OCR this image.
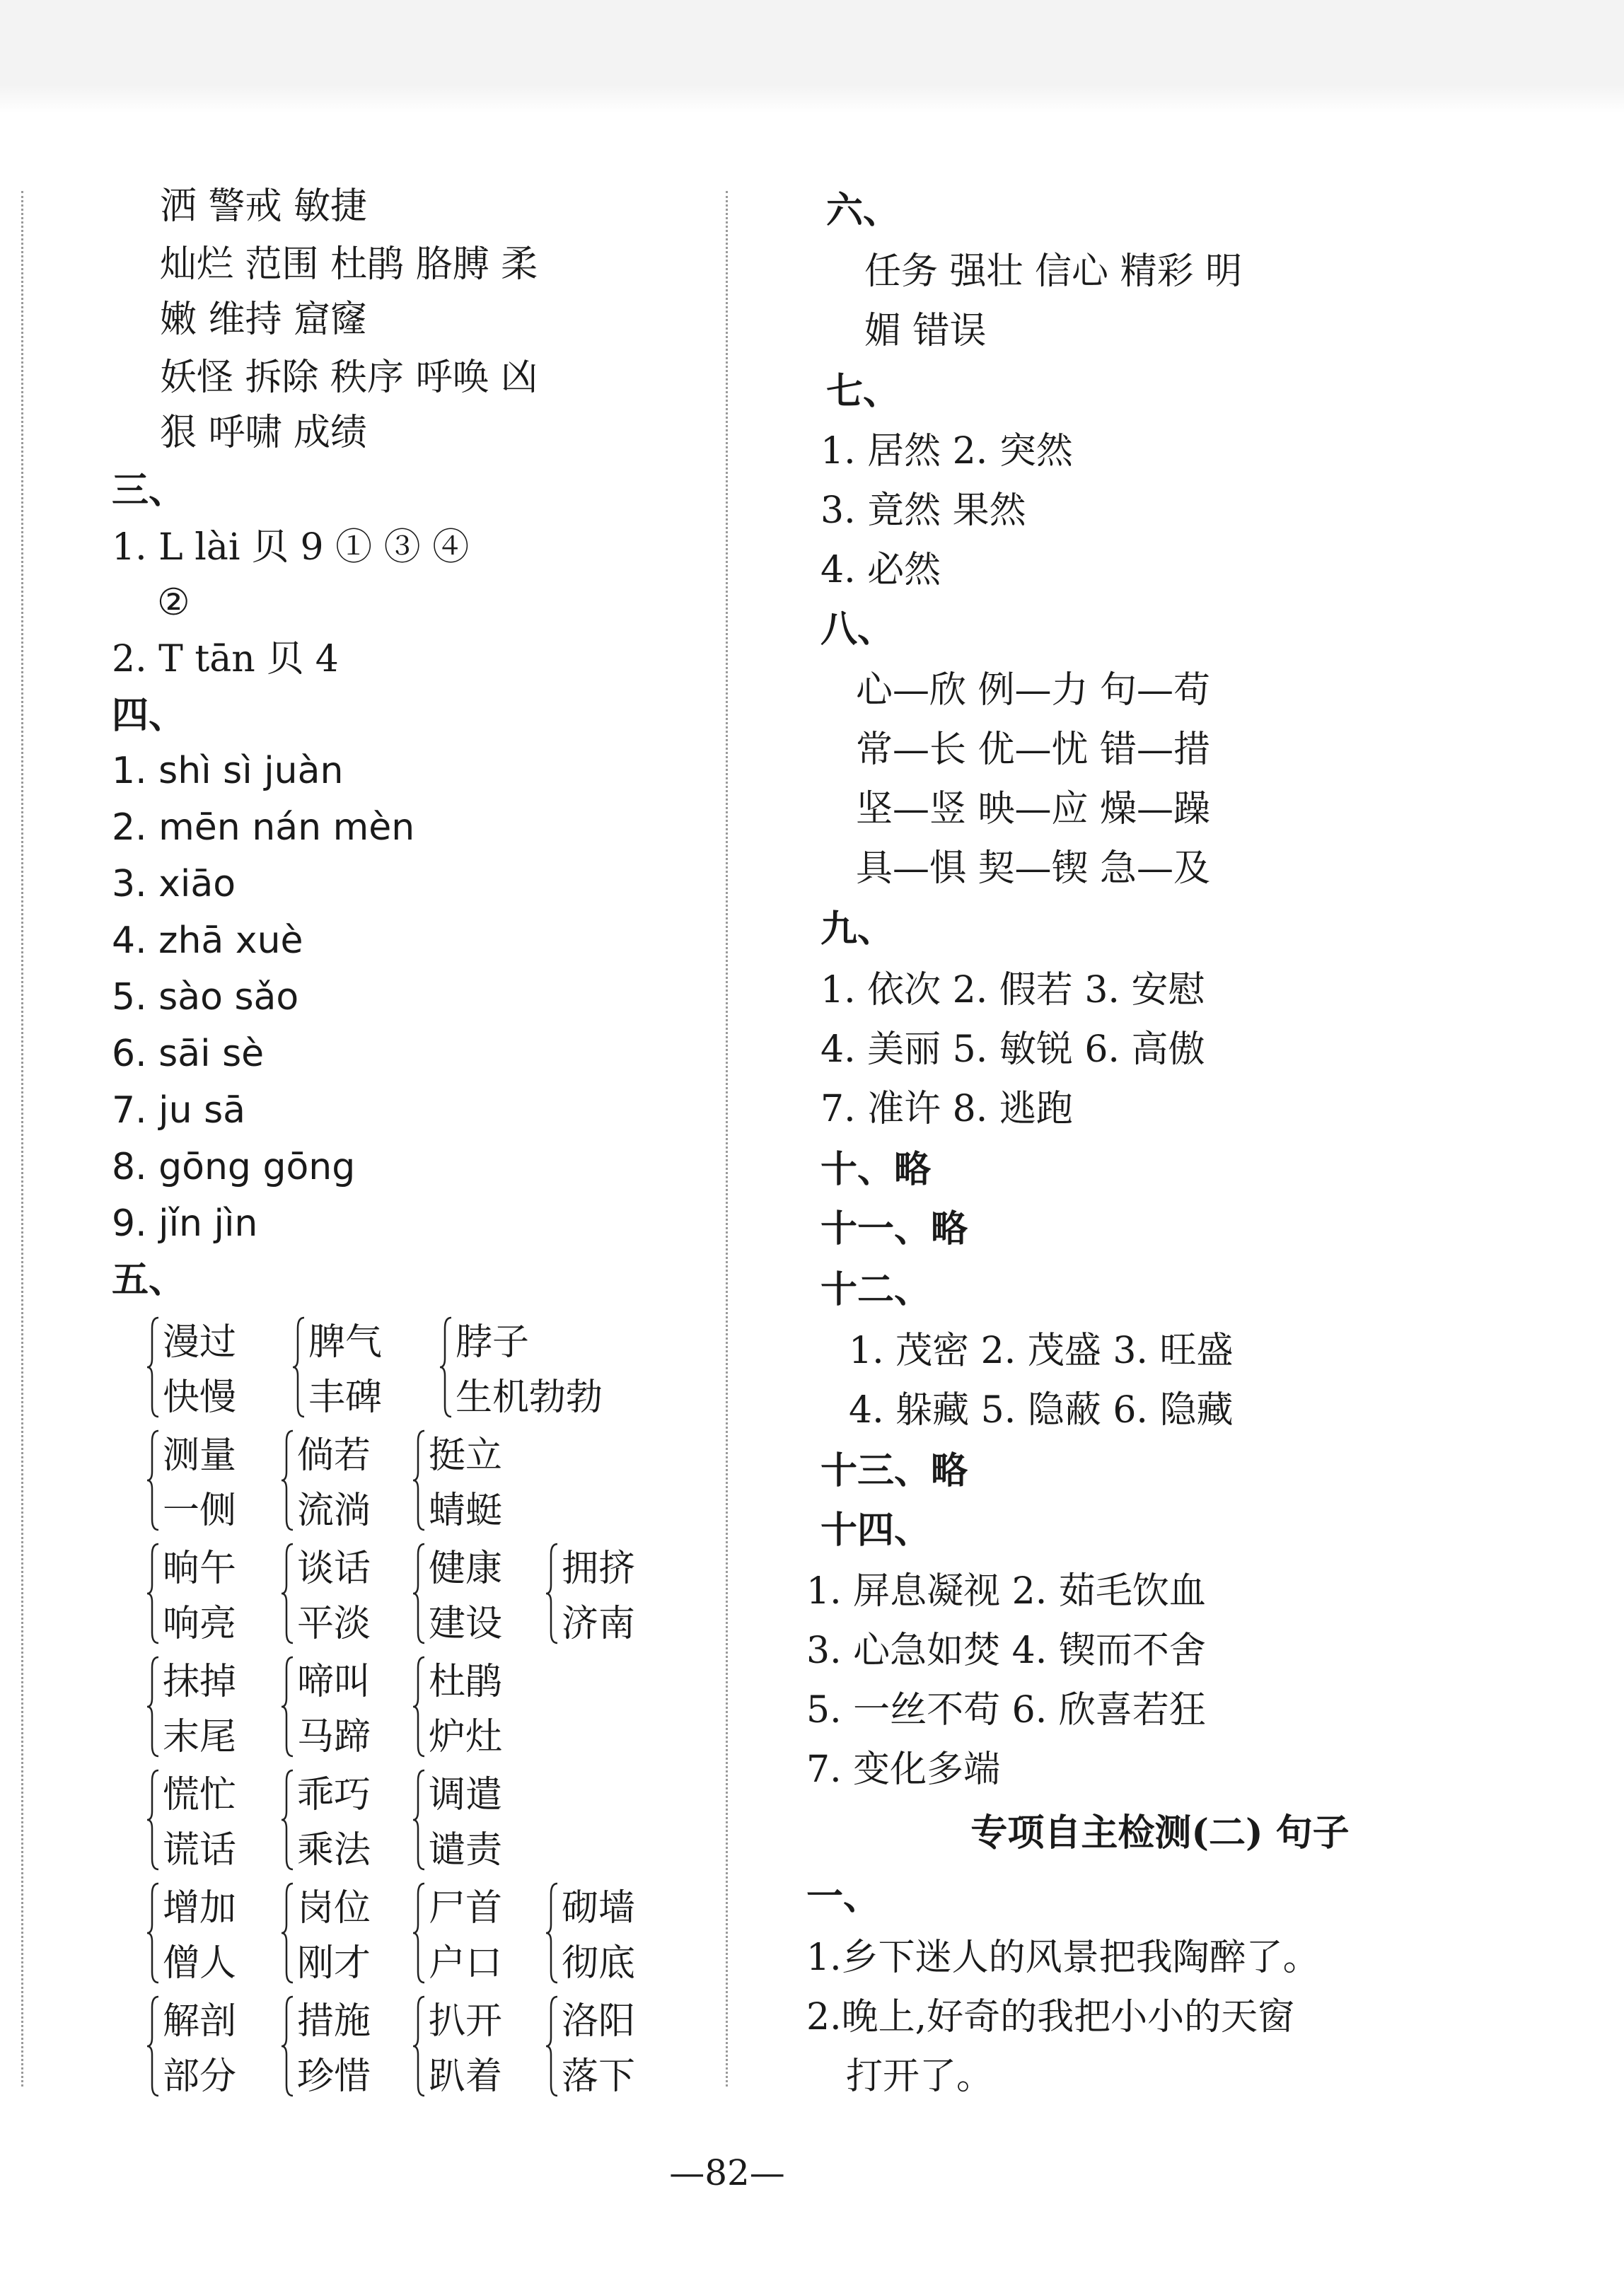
洒 警戒 敏捷
灿烂 范围 杜鹃 胳膊 柔
嫩 维持 窟窿
妖怪 拆除 秩序 呼唤 凶
狠 呼啸 成绩
三、
1. L lài 贝 9 ① ③ ④
②
2. T tān 贝 4
四、
1. shì sì juàn
2. mēn nán mèn
3. xiāo
4. zhā xuè
5. sào sǎo
6. sāi sè
7. ju sā
8. gōng gōng
9. jǐn jìn
五、
漫过
快慢
脾气
丰碑
脖子
生机勃勃
测量
一侧
倘若
流淌
挺立
蜻蜓
晌午
响亮
谈话
平淡
健康
建设
拥挤
济南
抹掉
末尾
啼叫
马蹄
杜鹃
炉灶
慌忙
谎话
乖巧
乘法
调遣
谴责
增加
僧人
岗位
刚才
尸首
户口
砌墙
彻底
解剖
部分
措施
珍惜
扒开
趴着
洛阳
落下
六、
任务 强壮 信心 精彩 明
媚 错误
七、
1. 居然 2. 突然
3. 竟然 果然
4. 必然
八、
心—欣 例—力 句—苟
常—长 优—忧 错—措
坚—竖 映—应 燥—躁
具—惧 契—锲 急—及
九、
1. 依次 2. 假若 3. 安慰
4. 美丽 5. 敏锐 6. 高傲
7. 准许 8. 逃跑
十、略
十一、略
十二、
1. 茂密 2. 茂盛 3. 旺盛
4. 躲藏 5. 隐蔽 6. 隐藏
十三、略
十四、
1. 屏息凝视 2. 茹毛饮血
3. 心急如焚 4. 锲而不舍
5. 一丝不苟 6. 欣喜若狂
7. 变化多端
专项自主检测(二) 句子
一、
1.乡下迷人的风景把我陶醉了。
2.晚上,好奇的我把小小的天窗
打开了。
—82—
